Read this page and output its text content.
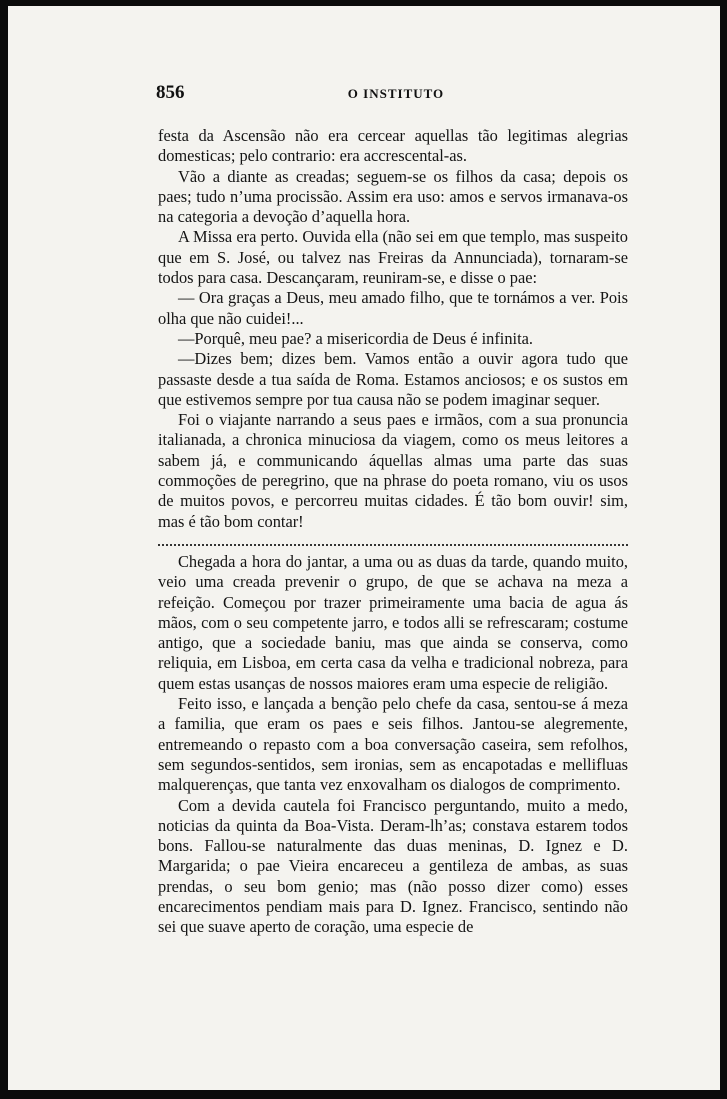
856	O INSTITUTO

festa da Ascensão não era cercear aquellas tão legitimas alegrias domesticas; pelo contrario: era accrescental-as.

Vão a diante as creadas; seguem-se os filhos da casa; depois os paes; tudo n’uma procissão. Assim era uso: amos e servos irmanava-os na categoria a devoção d’aquella hora.

A Missa era perto. Ouvida ella (não sei em que templo, mas suspeito que em S. José, ou talvez nas Freiras da Annunciada), tornaram-se todos para casa. Descançaram, reuniram-se, e disse o pae:

— Ora graças a Deus, meu amado filho, que te tornámos a ver. Pois olha que não cuidei!...

—Porquê, meu pae? a misericordia de Deus é infinita.

—Dizes bem; dizes bem. Vamos então a ouvir agora tudo que passaste desde a tua saída de Roma. Estamos anciosos; e os sustos em que estivemos sempre por tua causa não se podem imaginar sequer.

Foi o viajante narrando a seus paes e irmãos, com a sua pronuncia italianada, a chronica minuciosa da viagem, como os meus leitores a sabem já, e communicando áquellas almas uma parte das suas commoções de peregrino, que na phrase do poeta romano, viu os usos de muitos povos, e percorreu muitas cidades. É tão bom ouvir! sim, mas é tão bom contar!

Chegada a hora do jantar, a uma ou as duas da tarde, quando muito, veio uma creada prevenir o grupo, de que se achava na meza a refeição. Começou por trazer primeiramente uma bacia de agua ás mãos, com o seu competente jarro, e todos alli se refrescaram; costume antigo, que a sociedade baniu, mas que ainda se conserva, como reliquia, em Lisboa, em certa casa da velha e tradicional nobreza, para quem estas usanças de nossos maiores eram uma especie de religião.

Feito isso, e lançada a benção pelo chefe da casa, sentou-se á meza a familia, que eram os paes e seis filhos. Jantou-se alegremente, entremeando o repasto com a boa conversação caseira, sem refolhos, sem segundos-sentidos, sem ironias, sem as encapotadas e mellifluas malquerenças, que tanta vez enxovalham os dialogos de comprimento.

Com a devida cautela foi Francisco perguntando, muito a medo, noticias da quinta da Boa-Vista. Deram-lh’as; constava estarem todos bons. Fallou-se naturalmente das duas meninas, D. Ignez e D. Margarida; o pae Vieira encareceu a gentileza de ambas, as suas prendas, o seu bom genio; mas (não posso dizer como) esses encarecimentos pendiam mais para D. Ignez. Francisco, sentindo não sei que suave aperto de coração, uma especie de
